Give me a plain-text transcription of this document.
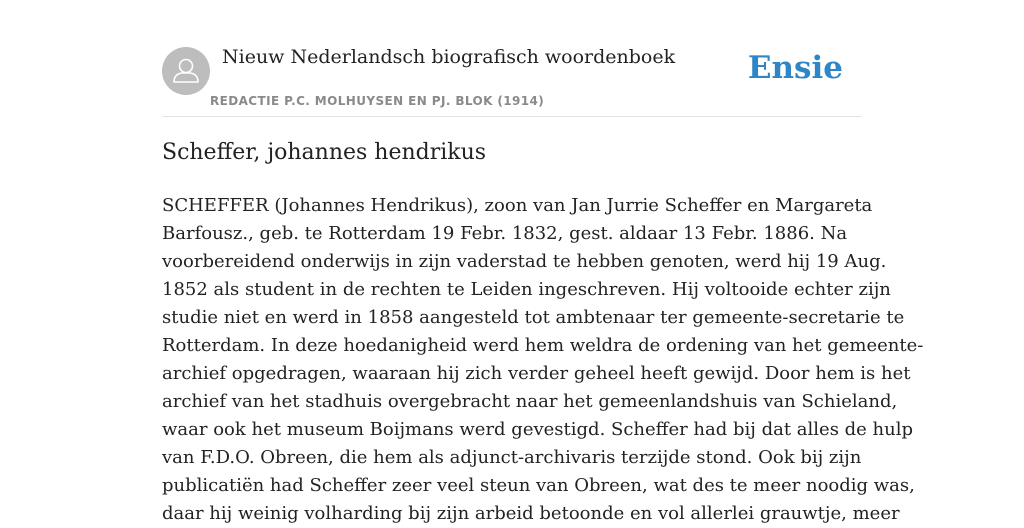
Nieuw Nederlandsch biografisch woordenboek
REDACTIE P.C. MOLHUYSEN EN PJ. BLOK (1914)
Ensie
Scheffer, johannes hendrikus
SCHEFFER (Johannes Hendrikus), zoon van Jan Jurrie Scheffer en Margareta
Barfousz., geb. te Rotterdam 19 Febr. 1832, gest. aldaar 13 Febr. 1886. Na
voorbereidend onderwijs in zijn vaderstad te hebben genoten, werd hij 19 Aug.
1852 als student in de rechten te Leiden ingeschreven. Hij voltooide echter zijn
studie niet en werd in 1858 aangesteld tot ambtenaar ter gemeente-secretarie te
Rotterdam. In deze hoedanigheid werd hem weldra de ordening van het gemeente-
archief opgedragen, waaraan hij zich verder geheel heeft gewijd. Door hem is het
archief van het stadhuis overgebracht naar het gemeenlandshuis van Schieland,
waar ook het museum Boijmans werd gevestigd. Scheffer had bij dat alles de hulp
van F.D.O. Obreen, die hem als adjunct-archivaris terzijde stond. Ook bij zijn
publicatiën had Scheffer zeer veel steun van Obreen, wat des te meer noodig was,
daar hij weinig volharding bij zijn arbeid betoonde en vol allerlei grauwtje, meer
